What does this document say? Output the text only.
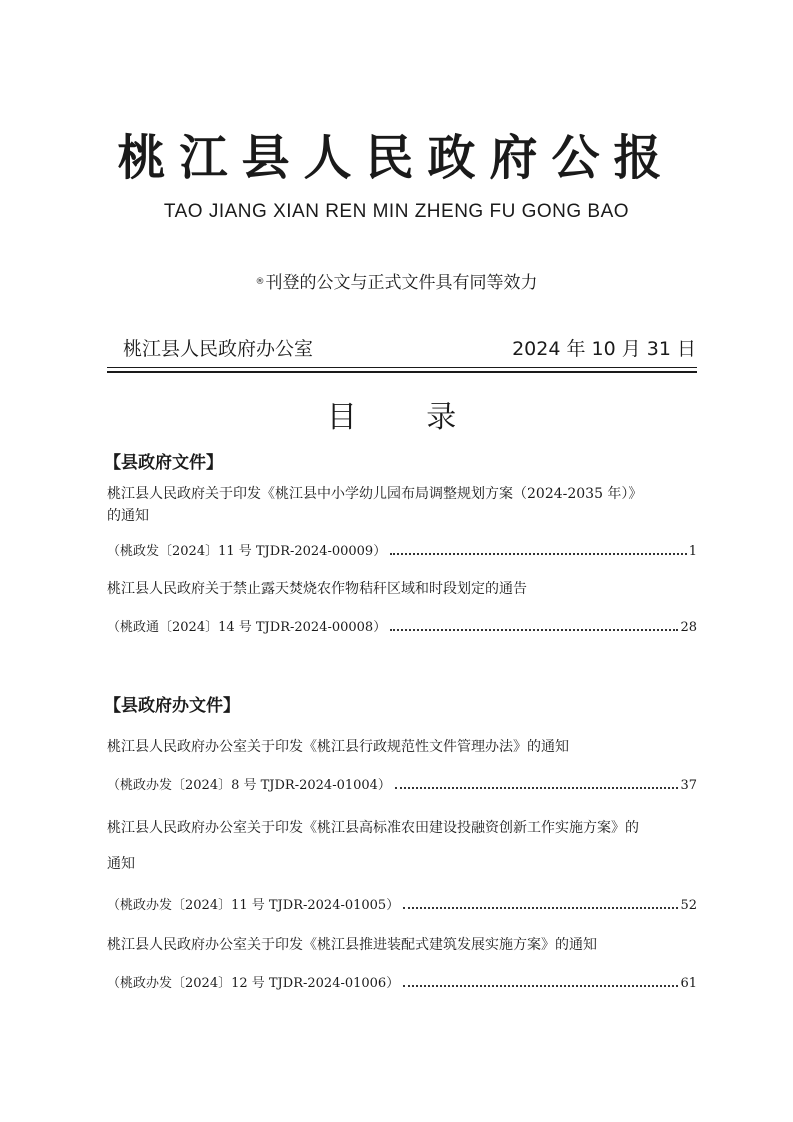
桃江县人民政府公报
TAO JIANG XIAN REN MIN ZHENG FU GONG BAO
®刊登的公文与正式文件具有同等效力
桃江县人民政府办公室	2024 年 10 月 31 日
目 录
【县政府文件】
桃江县人民政府关于印发《桃江县中小学幼儿园布局调整规划方案（2024-2035 年）》
的通知
（桃政发〔2024〕11 号 TJDR-2024-00009）	1
桃江县人民政府关于禁止露天焚烧农作物秸秆区域和时段划定的通告
（桃政通〔2024〕14 号 TJDR-2024-00008）	28
【县政府办文件】
桃江县人民政府办公室关于印发《桃江县行政规范性文件管理办法》的通知
（桃政办发〔2024〕8 号 TJDR-2024-01004）	37
桃江县人民政府办公室关于印发《桃江县高标准农田建设投融资创新工作实施方案》的
通知
（桃政办发〔2024〕11 号 TJDR-2024-01005）	52
桃江县人民政府办公室关于印发《桃江县推进装配式建筑发展实施方案》的通知
（桃政办发〔2024〕12 号 TJDR-2024-01006）	61
